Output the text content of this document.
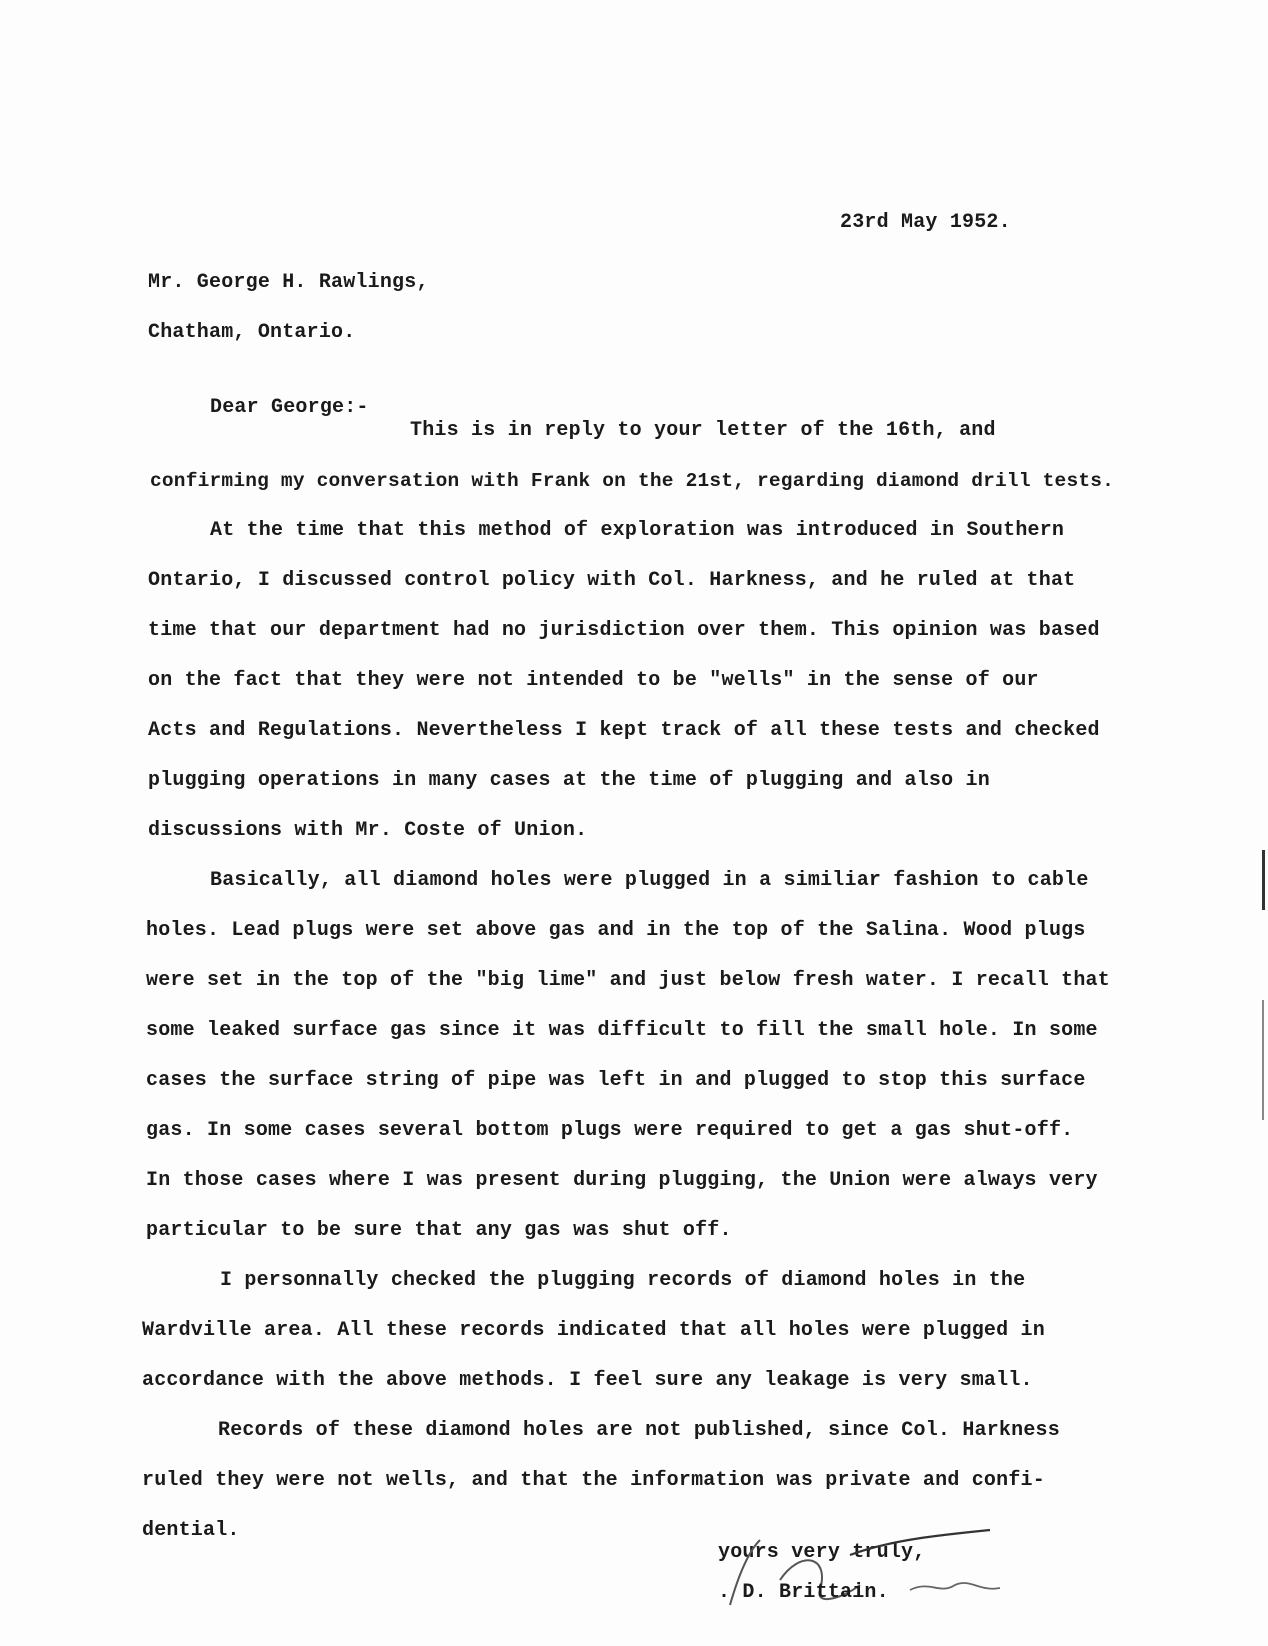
23rd May 1952.
Mr. George H. Rawlings,
Chatham, Ontario.
Dear George:-
This is in reply to your letter of the 16th, and
confirming my conversation with Frank on the 21st, regarding diamond drill tests.
At the time that this method of exploration was introduced in Southern
Ontario, I discussed control policy with Col. Harkness, and he ruled at that
time that our department had no jurisdiction over them. This opinion was based
on the fact that they were not intended to be "wells" in the sense of our
Acts and Regulations. Nevertheless I kept track of all these tests and checked
plugging operations in many cases at the time of plugging and also in
discussions with Mr. Coste of Union.
Basically, all diamond holes were plugged in a similiar fashion to cable
holes. Lead plugs were set above gas and in the top of the Salina. Wood plugs
were set in the top of the "big lime" and just below fresh water. I recall that
some leaked surface gas since it was difficult to fill the small hole. In some
cases the surface string of pipe was left in and plugged to stop this surface
gas. In some cases several bottom plugs were required to get a gas shut-off.
In those cases where I was present during plugging, the Union were always very
particular to be sure that any gas was shut off.
I personnally checked the plugging records of diamond holes in the
Wardville area. All these records indicated that all holes were plugged in
accordance with the above methods. I feel sure any leakage is very small.
Records of these diamond holes are not published, since Col. Harkness
ruled they were not wells, and that the information was private and confi-
dential.
yours very truly,
. D. Brittain.
